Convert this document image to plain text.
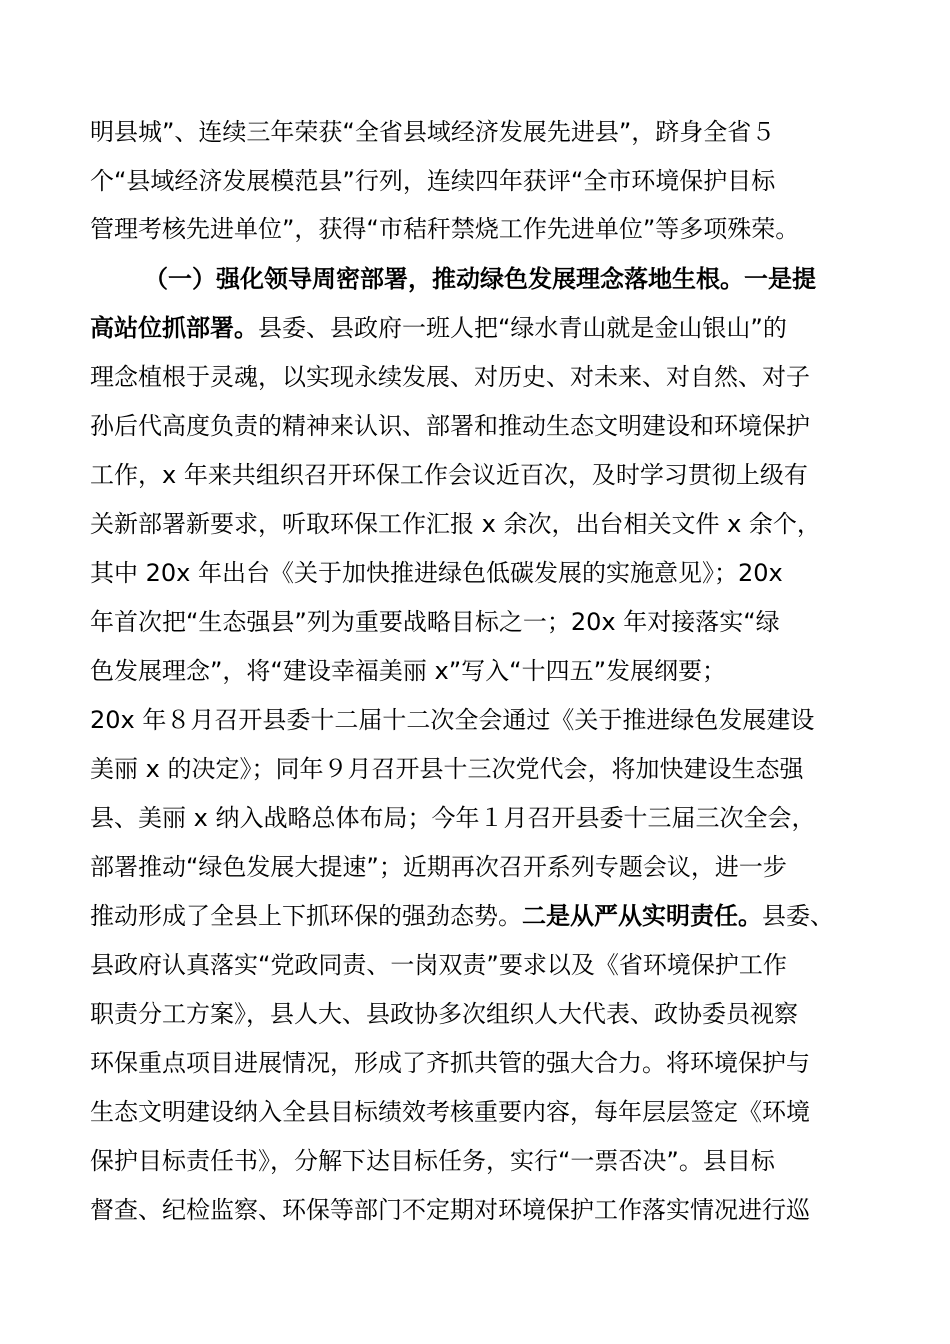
明县城”、连续三年荣获“全省县域经济发展先进县”，跻身全省５
个“县域经济发展模范县”行列，连续四年获评“全市环境保护目标
管理考核先进单位”，获得“市秸秆禁烧工作先进单位”等多项殊荣。
（一）强化领导周密部署，推动绿色发展理念落地生根。一是提
高站位抓部署。县委、县政府一班人把“绿水青山就是金山银山”的
理念植根于灵魂，以实现永续发展、对历史、对未来、对自然、对子
孙后代高度负责的精神来认识、部署和推动生态文明建设和环境保护
工作，x 年来共组织召开环保工作会议近百次，及时学习贯彻上级有
关新部署新要求，听取环保工作汇报 x 余次，出台相关文件 x 余个，
其中 20x 年出台《关于加快推进绿色低碳发展的实施意见》；20x
年首次把“生态强县”列为重要战略目标之一；20x 年对接落实“绿
色发展理念”，将“建设幸福美丽 x”写入“十四五”发展纲要；
20x 年８月召开县委十二届十二次全会通过《关于推进绿色发展建设
美丽 x 的决定》；同年９月召开县十三次党代会，将加快建设生态强
县、美丽 x 纳入战略总体布局；今年１月召开县委十三届三次全会，
部署推动“绿色发展大提速”；近期再次召开系列专题会议，进一步
推动形成了全县上下抓环保的强劲态势。二是从严从实明责任。县委、
县政府认真落实“党政同责、一岗双责”要求以及《省环境保护工作
职责分工方案》，县人大、县政协多次组织人大代表、政协委员视察
环保重点项目进展情况，形成了齐抓共管的强大合力。将环境保护与
生态文明建设纳入全县目标绩效考核重要内容，每年层层签定《环境
保护目标责任书》，分解下达目标任务，实行“一票否决”。县目标
督查、纪检监察、环保等部门不定期对环境保护工作落实情况进行巡
